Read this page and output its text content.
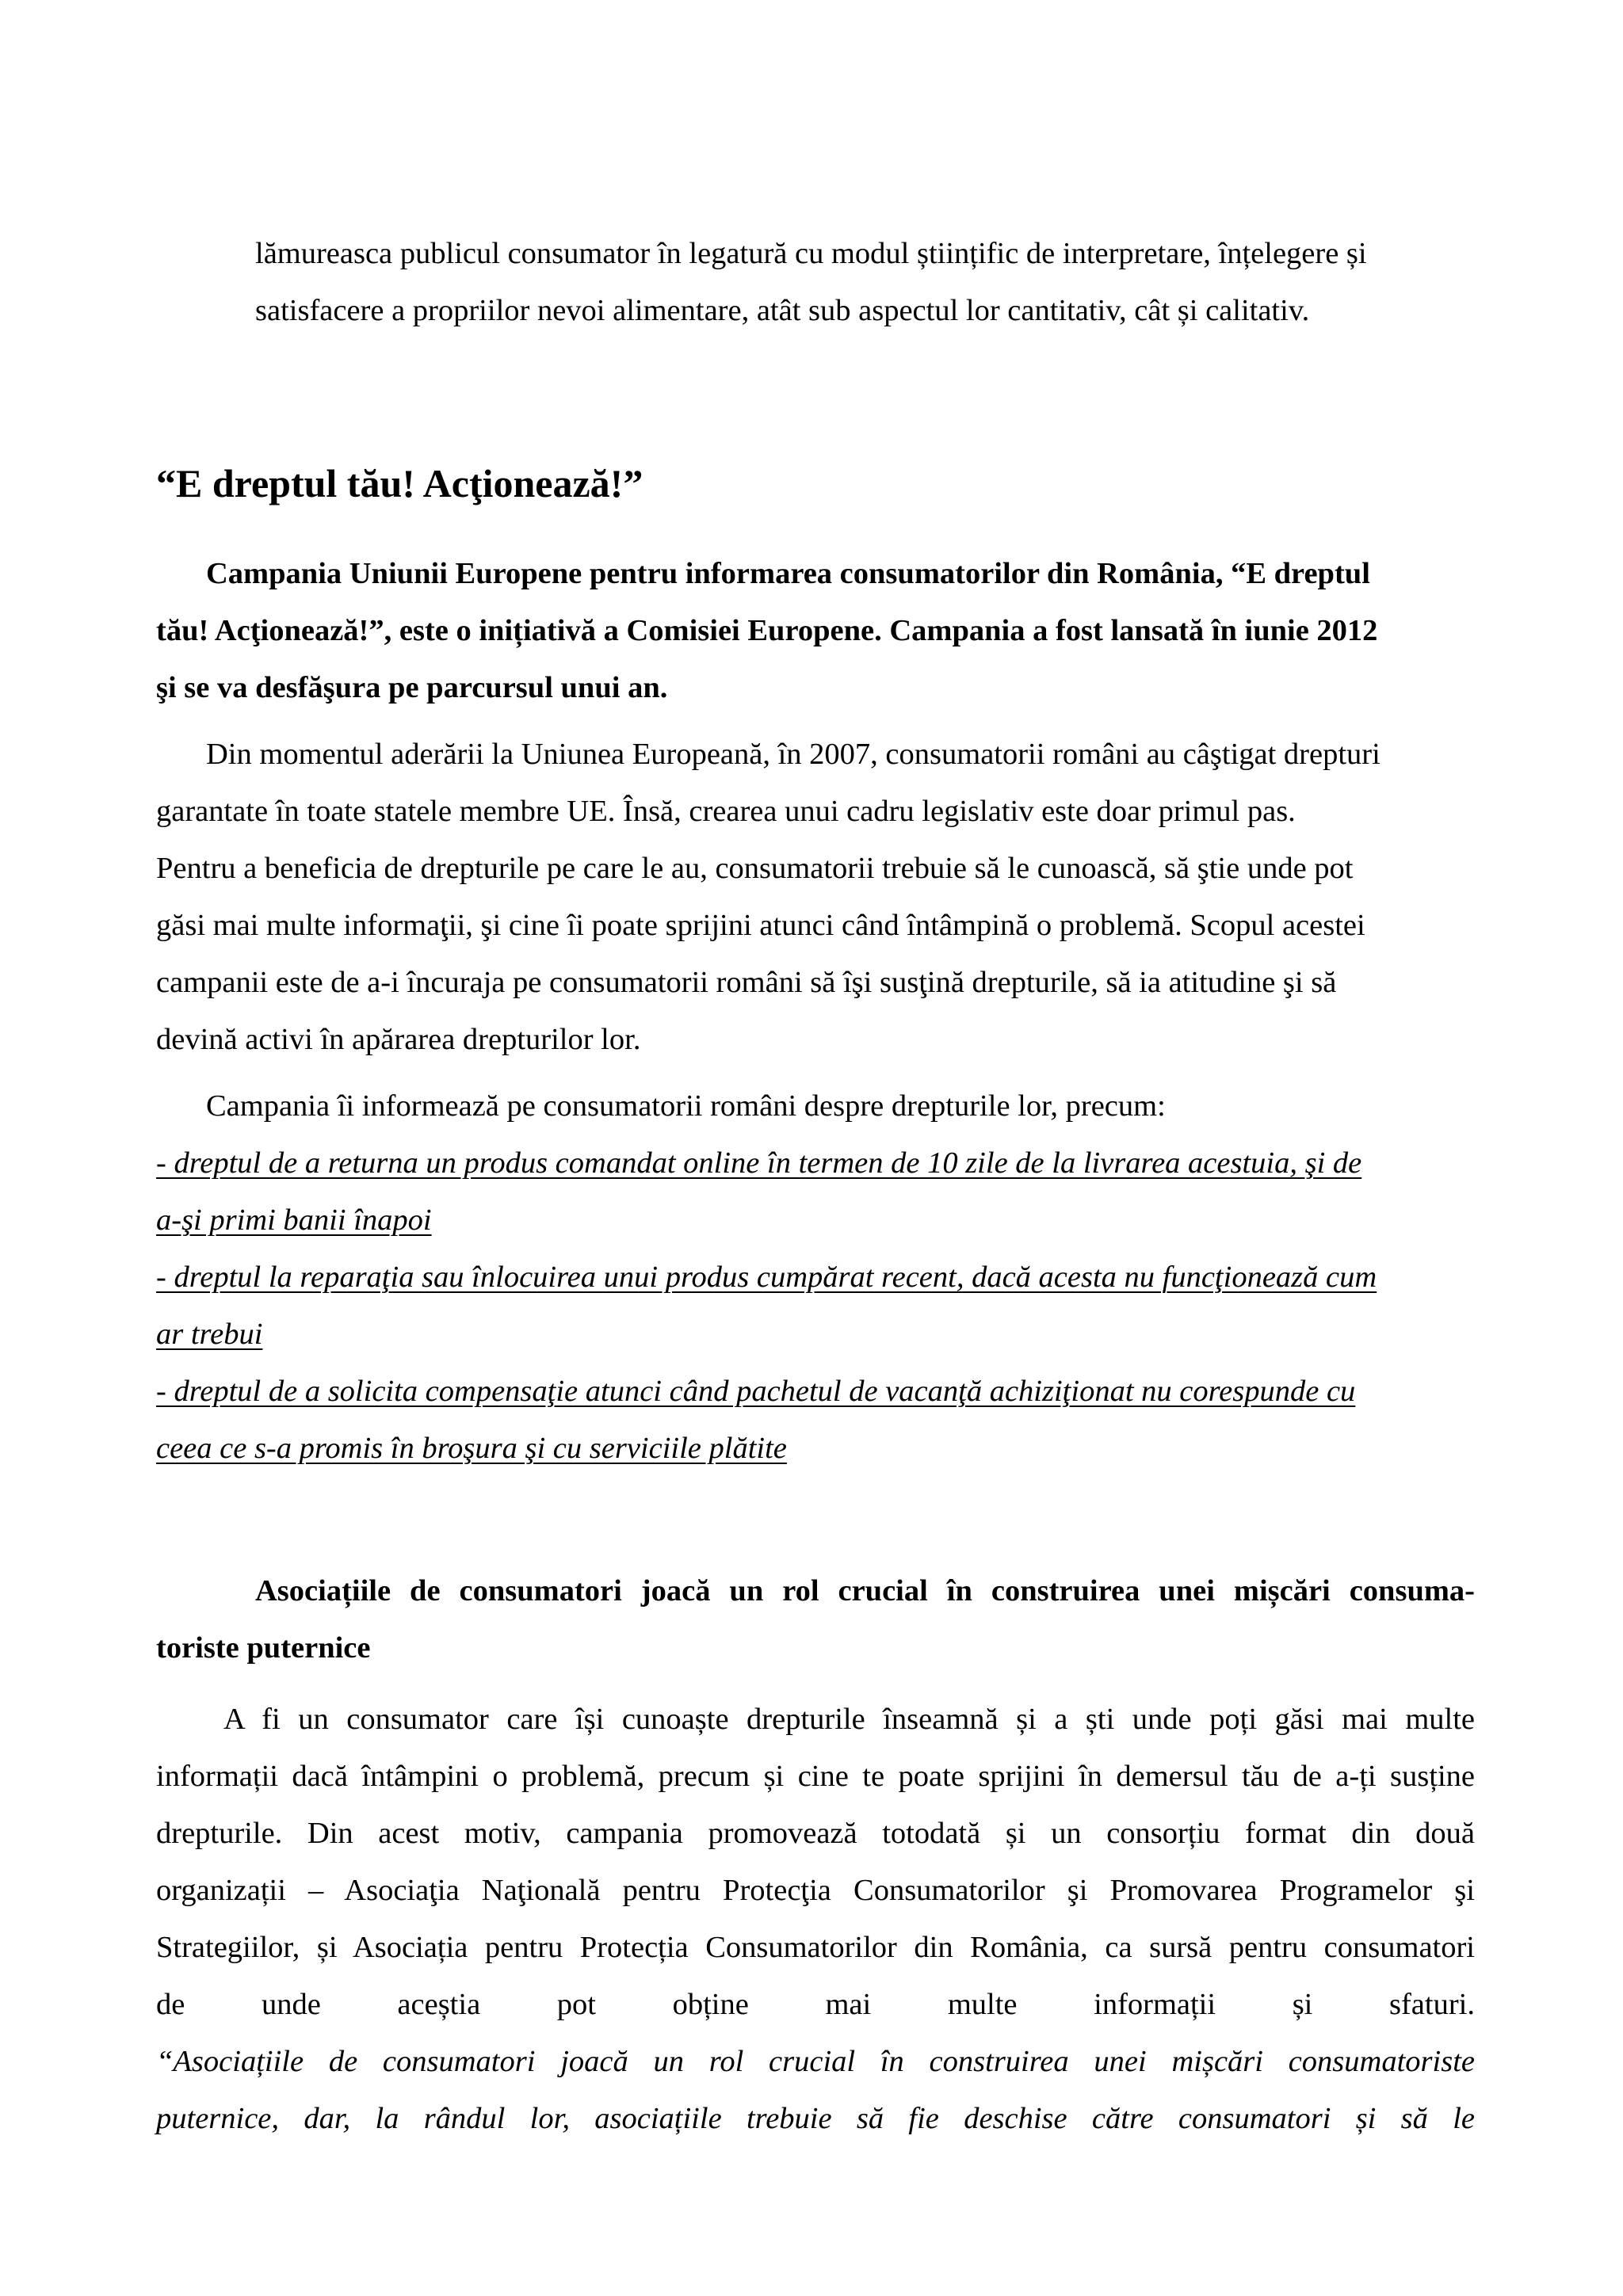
lămureasca publicul consumator în legatură cu modul științific de interpretare, înțelegere și

satisfacere a propriilor nevoi alimentare, atât sub aspectul lor cantitativ, cât și calitativ.

“E dreptul tău! Acţionează!”

Campania Uniunii Europene pentru informarea consumatorilor din România, “E dreptul

tău! Acţionează!”, este o inițiativă a Comisiei Europene. Campania a fost lansată în iunie 2012

şi se va desfăşura pe parcursul unui an.

Din momentul aderării la Uniunea Europeană, în 2007, consumatorii români au câştigat drepturi

garantate în toate statele membre UE. Însă, crearea unui cadru legislativ este doar primul pas.

Pentru a beneficia de drepturile pe care le au, consumatorii trebuie să le cunoască, să ştie unde pot

găsi mai multe informaţii, şi cine îi poate sprijini atunci când întâmpină o problemă. Scopul acestei

campanii este de a-i încuraja pe consumatorii români să îşi susţină drepturile, să ia atitudine şi să

devină activi în apărarea drepturilor lor.

Campania îi informează pe consumatorii români despre drepturile lor, precum:

- dreptul de a returna un produs comandat online în termen de 10 zile de la livrarea acestuia, şi de

a-şi primi banii înapoi

- dreptul la reparaţia sau înlocuirea unui produs cumpărat recent, dacă acesta nu funcţionează cum

ar trebui

- dreptul de a solicita compensaţie atunci când pachetul de vacanţă achiziţionat nu corespunde cu

ceea ce s-a promis în broşura şi cu serviciile plătite

Asociațiile de consumatori joacă un rol crucial în construirea unei mișcări consuma-

toriste puternice

A fi un consumator care își cunoaște drepturile înseamnă și a ști unde poți găsi mai multe

informații dacă întâmpini o problemă, precum și cine te poate sprijini în demersul tău de a-ți susține

drepturile. Din acest motiv, campania promovează totodată și un consorțiu format din două

organizații – Asociaţia Naţională pentru Protecţia Consumatorilor şi Promovarea Programelor şi

Strategiilor, și Asociația pentru Protecția Consumatorilor din România, ca sursă pentru consumatori

de unde aceștia pot obține mai multe informații și sfaturi.

“Asociațiile de consumatori joacă un rol crucial în construirea unei mișcări consumatoriste

puternice, dar, la rândul lor, asociațiile trebuie să fie deschise către consumatori și să le
